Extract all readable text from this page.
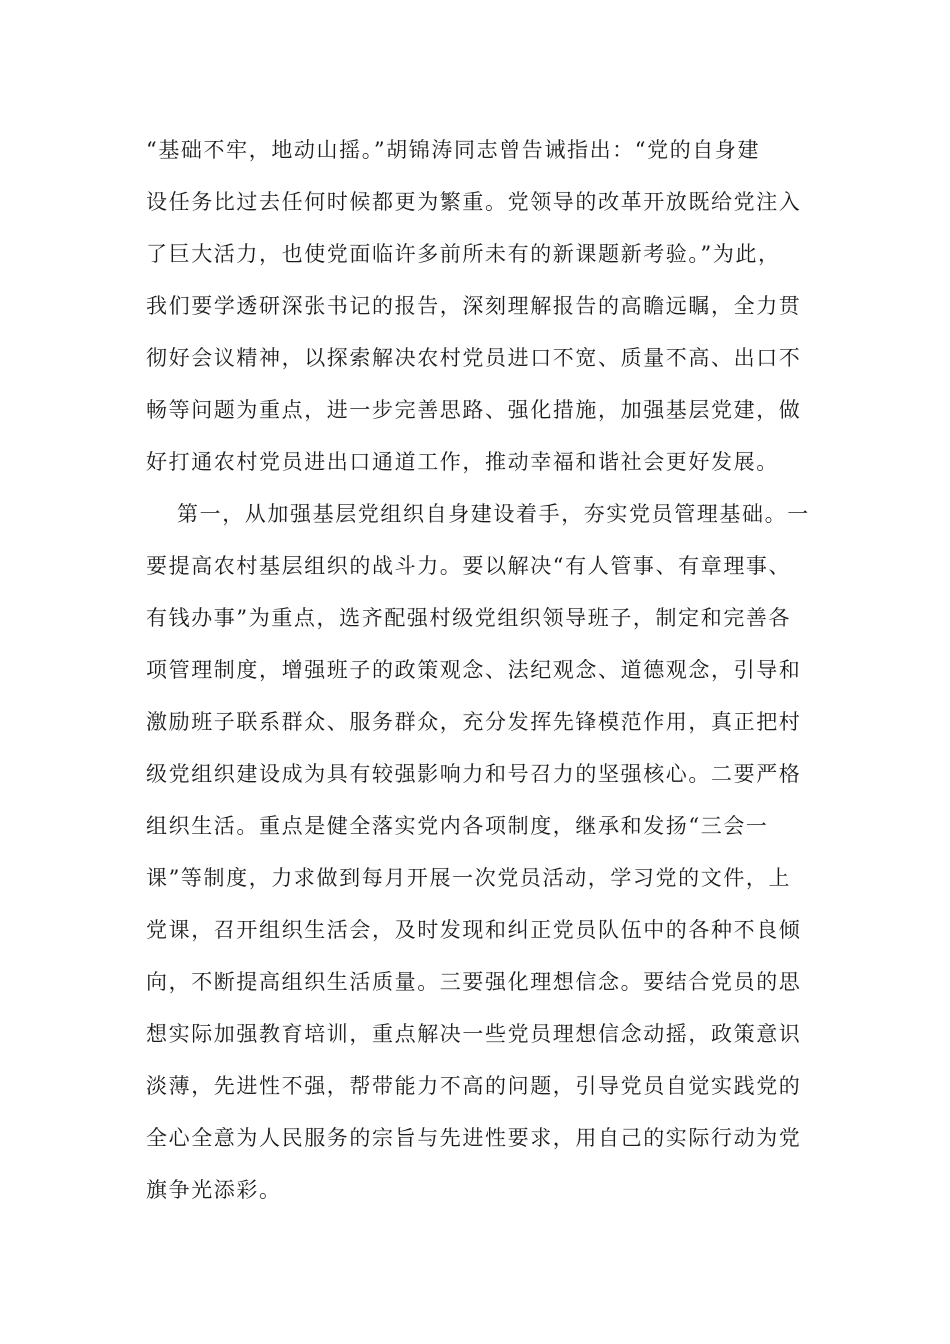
“基础不牢，地动山摇。”胡锦涛同志曾告诫指出：“党的自身建
设任务比过去任何时候都更为繁重。党领导的改革开放既给党注入
了巨大活力，也使党面临许多前所未有的新课题新考验。”为此，
我们要学透研深张书记的报告，深刻理解报告的高瞻远瞩，全力贯
彻好会议精神，以探索解决农村党员进口不宽、质量不高、出口不
畅等问题为重点，进一步完善思路、强化措施，加强基层党建，做
好打通农村党员进出口通道工作，推动幸福和谐社会更好发展。
第一，从加强基层党组织自身建设着手，夯实党员管理基础。一
要提高农村基层组织的战斗力。要以解决“有人管事、有章理事、
有钱办事”为重点，选齐配强村级党组织领导班子，制定和完善各
项管理制度，增强班子的政策观念、法纪观念、道德观念，引导和
激励班子联系群众、服务群众，充分发挥先锋模范作用，真正把村
级党组织建设成为具有较强影响力和号召力的坚强核心。二要严格
组织生活。重点是健全落实党内各项制度，继承和发扬“三会一
课”等制度，力求做到每月开展一次党员活动，学习党的文件，上
党课，召开组织生活会，及时发现和纠正党员队伍中的各种不良倾
向，不断提高组织生活质量。三要强化理想信念。要结合党员的思
想实际加强教育培训，重点解决一些党员理想信念动摇，政策意识
淡薄，先进性不强，帮带能力不高的问题，引导党员自觉实践党的
全心全意为人民服务的宗旨与先进性要求，用自己的实际行动为党
旗争光添彩。
